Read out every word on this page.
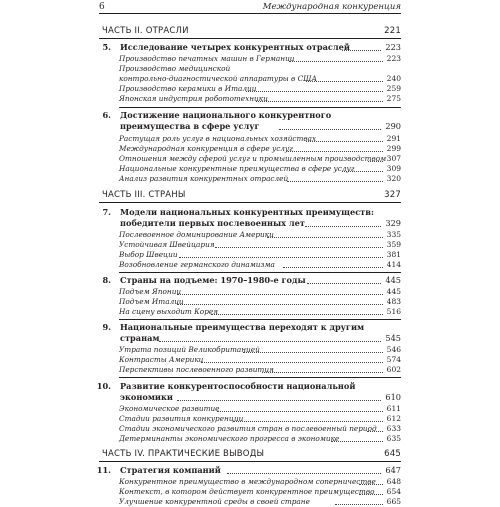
6	Международная конкуренция
ЧАСТЬ II. ОТРАСЛИ	221
5. Исследование четырех конкурентных отраслей	223
Производство печатных машин в Германии	223
Производство медицинской
контрольно-диагностической аппаратуры в США	240
Производство керамики в Италии	259
Японская индустрия робототехники	275
6. Достижение национального конкурентного
преимущества в сфере услуг	290
Растущая роль услуг в национальных хозяйствах	291
Международная конкуренция в сфере услуг	299
Отношения между сферой услуг и промышленным производством 307
Национальные конкурентные преимущества в сфере услуг	309
Анализ развития конкурентных отраслей	320
ЧАСТЬ III. СТРАНЫ	327
7. Модели национальных конкурентных преимуществ:
победители первых послевоенных лет	329
Послевоенное доминирование Америки	335
Устойчивая Швейцария	359
Выбор Швеции	381
Возобновление германского динамизма	414
8. Страны на подъеме: 1970–1980-е годы	445
Подъем Японии	445
Подъем Италии	483
На сцену выходит Корея	516
9. Национальные преимущества переходят к другим
странам	545
Утрата позиций Великобританией	546
Контрасты Америки	574
Перспективы послевоенного развития	602
10. Развитие конкурентоспособности национальной
экономики	610
Экономическое развитие	611
Стадии развития конкуренции	612
Стадии экономического развития стран в послевоенный период 633
Детерминанты экономического прогресса в экономике	635
ЧАСТЬ IV. ПРАКТИЧЕСКИЕ ВЫВОДЫ	645
11. Стратегия компаний	647
Конкурентное преимущество в международном соперничестве 648
Контекст, в котором действует конкурентное преимущество 654
Улучшение конкурентной среды в своей стране	665
